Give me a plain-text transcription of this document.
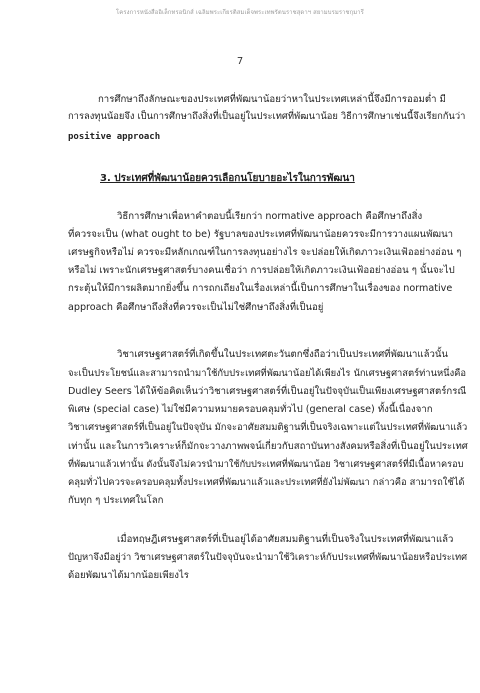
โครงการหนังสืออิเล็กทรอนิกส์ เฉลิมพระเกียรติสมเด็จพระเทพรัตนราชสุดาฯ สยามบรมราชกุมารี
7
การศึกษาถึงลักษณะของประเทศที่พัฒนาน้อยว่าหาในประเทศเหล่านี้จึงมีการออมต่ำ มี
การลงทุนน้อยจึง เป็นการศึกษาถึงสิ่งที่เป็นอยู่ในประเทศที่พัฒนาน้อย วิธีการศึกษาเช่นนี้จึงเรียกกันว่า
positive approach
3. ประเทศที่พัฒนาน้อยควรเลือกนโยบายอะไรในการพัฒนา
วิธีการศึกษาเพื่อหาคำตอบนี้เรียกว่า normative approach คือศึกษาถึงสิ่ง
ที่ควรจะเป็น (what ought to be) รัฐบาลของประเทศที่พัฒนาน้อยควรจะมีการวางแผนพัฒนา
เศรษฐกิจหรือไม่ ควรจะมีหลักเกณฑ์ในการลงทุนอย่างไร จะปล่อยให้เกิดภาวะเงินเฟ้ออย่างอ่อน ๆ
หรือไม่ เพราะนักเศรษฐศาสตร์บางคนเชื่อว่า การปล่อยให้เกิดภาวะเงินเฟ้ออย่างอ่อน ๆ นั้นจะไป
กระตุ้นให้มีการผลิตมากยิ่งขึ้น การถกเถียงในเรื่องเหล่านี้เป็นการศึกษาในเรื่องของ normative
approach คือศึกษาถึงสิ่งที่ควรจะเป็นไม่ใช่ศึกษาถึงสิ่งที่เป็นอยู่
วิชาเศรษฐศาสตร์ที่เกิดขึ้นในประเทศตะวันตกซึ่งถือว่าเป็นประเทศที่พัฒนาแล้วนั้น
จะเป็นประโยชน์และสามารถนำมาใช้กับประเทศที่พัฒนาน้อยได้เพียงไร นักเศรษฐศาสตร์ท่านหนึ่งคือ
Dudley Seers ได้ให้ข้อคิดเห็นว่าวิชาเศรษฐศาสตร์ที่เป็นอยู่ในปัจจุบันเป็นเพียงเศรษฐศาสตร์กรณี
พิเศษ (special case) ไม่ใช่มีความหมายครอบคลุมทั่วไป (general case) ทั้งนี้เนื่องจาก
วิชาเศรษฐศาสตร์ที่เป็นอยู่ในปัจจุบัน มักจะอาศัยสมมติฐานที่เป็นจริงเฉพาะแต่ในประเทศที่พัฒนาแล้ว
เท่านั้น และในการวิเคราะห์ก็มักจะวางภาพพจน์เกี่ยวกับสถาบันทางสังคมหรือสิ่งที่เป็นอยู่ในประเทศ
ที่พัฒนาแล้วเท่านั้น ดังนั้นจึงไม่ควรนำมาใช้กับประเทศที่พัฒนาน้อย วิชาเศรษฐศาสตร์ที่มีเนื้อหาครอบ
คลุมทั่วไปควรจะครอบคลุมทั้งประเทศที่พัฒนาแล้วและประเทศที่ยังไม่พัฒนา กล่าวคือ สามารถใช้ได้
กับทุก ๆ ประเทศในโลก
เมื่อทฤษฎีเศรษฐศาสตร์ที่เป็นอยู่ได้อาศัยสมมติฐานที่เป็นจริงในประเทศที่พัฒนาแล้ว
ปัญหาจึงมีอยู่ว่า วิชาเศรษฐศาสตร์ในปัจจุบันจะนำมาใช้วิเคราะห์กับประเทศที่พัฒนาน้อยหรือประเทศ
ด้อยพัฒนาได้มากน้อยเพียงไร
